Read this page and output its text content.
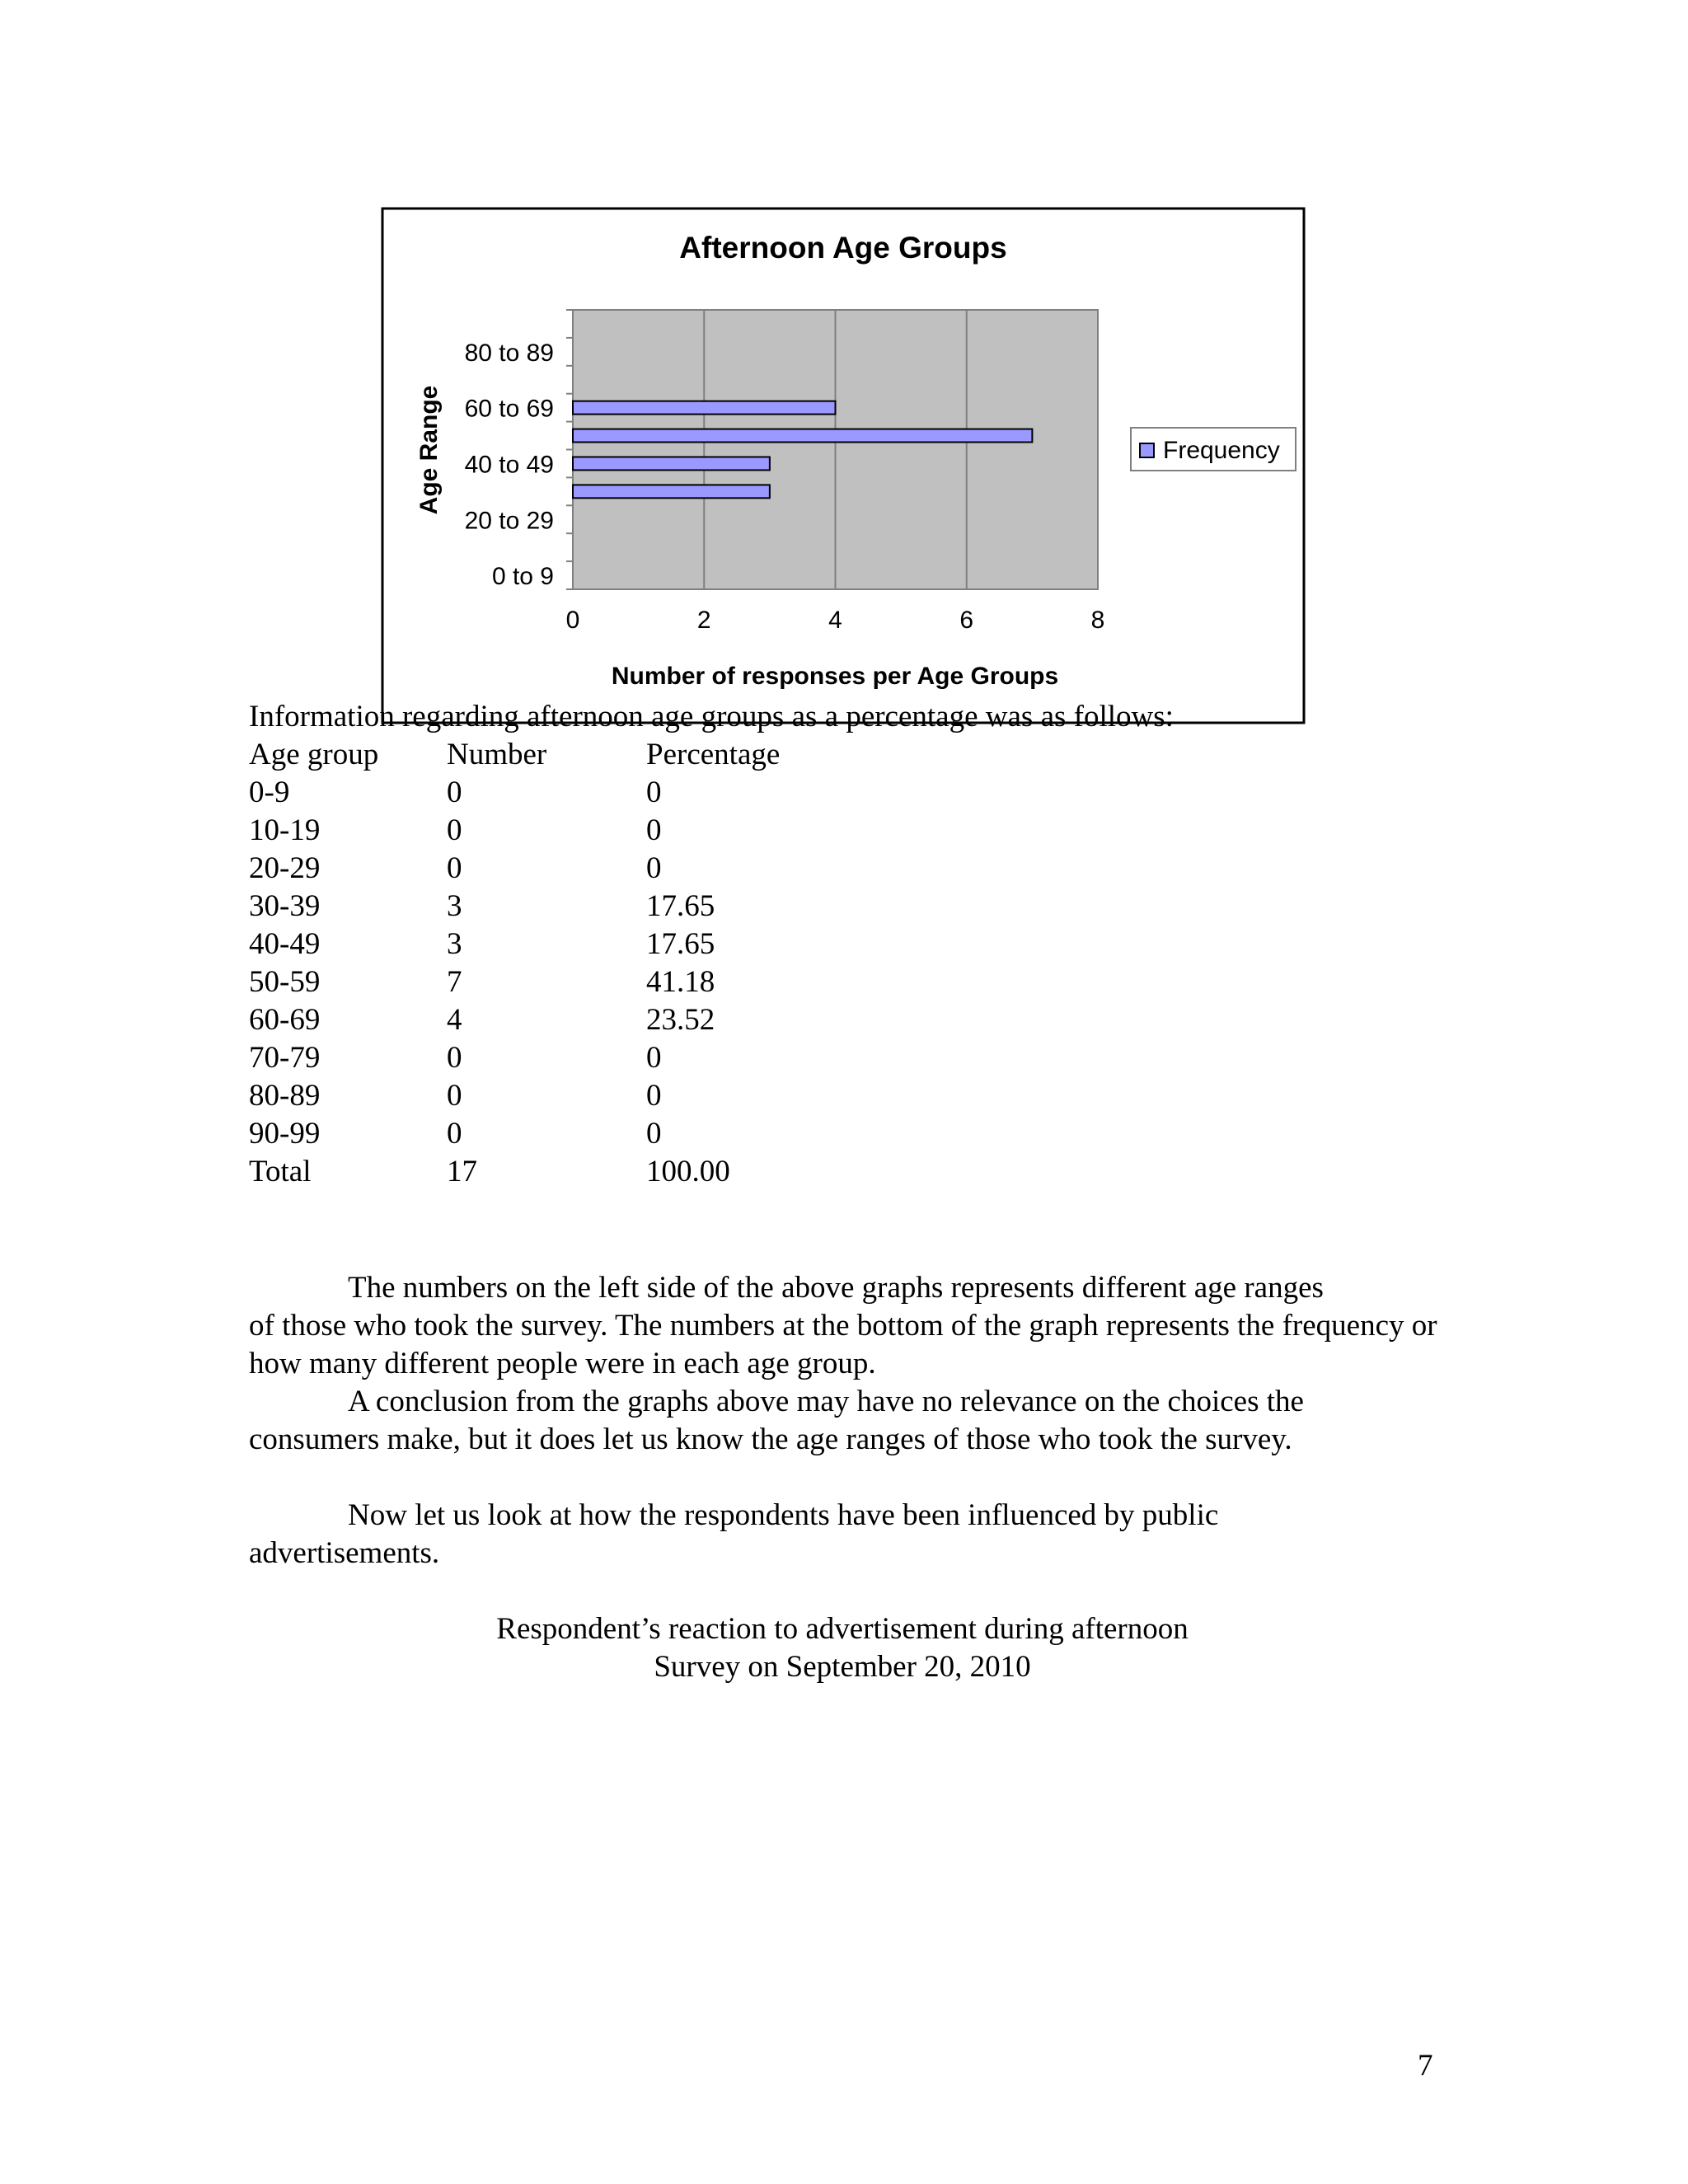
Afternoon Age Groups
0 to 9
20 to 29
40 to 49
60 to 69
80 to 89
0	2	4	6	8
Age Range
Number of responses per Age Groups
Frequency
Information regarding afternoon age groups as a percentage was as follows:
Age group	Number	Percentage
0-9	0	0
10-19	0	0
20-29	0	0
30-39	3	17.65
40-49	3	17.65
50-59	7	41.18
60-69	4	23.52
70-79	0	0
80-89	0	0
90-99	0	0
Total	17	100.00
The numbers on the left side of the above graphs represents different age ranges
of those who took the survey. The numbers at the bottom of the graph represents the frequency or how many different people were in each age group.
A conclusion from the graphs above may have no relevance on the choices the
consumers make, but it does let us know the age ranges of those who took the survey.
Now let us look at how the respondents have been influenced by public
advertisements.
Respondent’s reaction to advertisement during afternoon
Survey on September 20, 2010
7
